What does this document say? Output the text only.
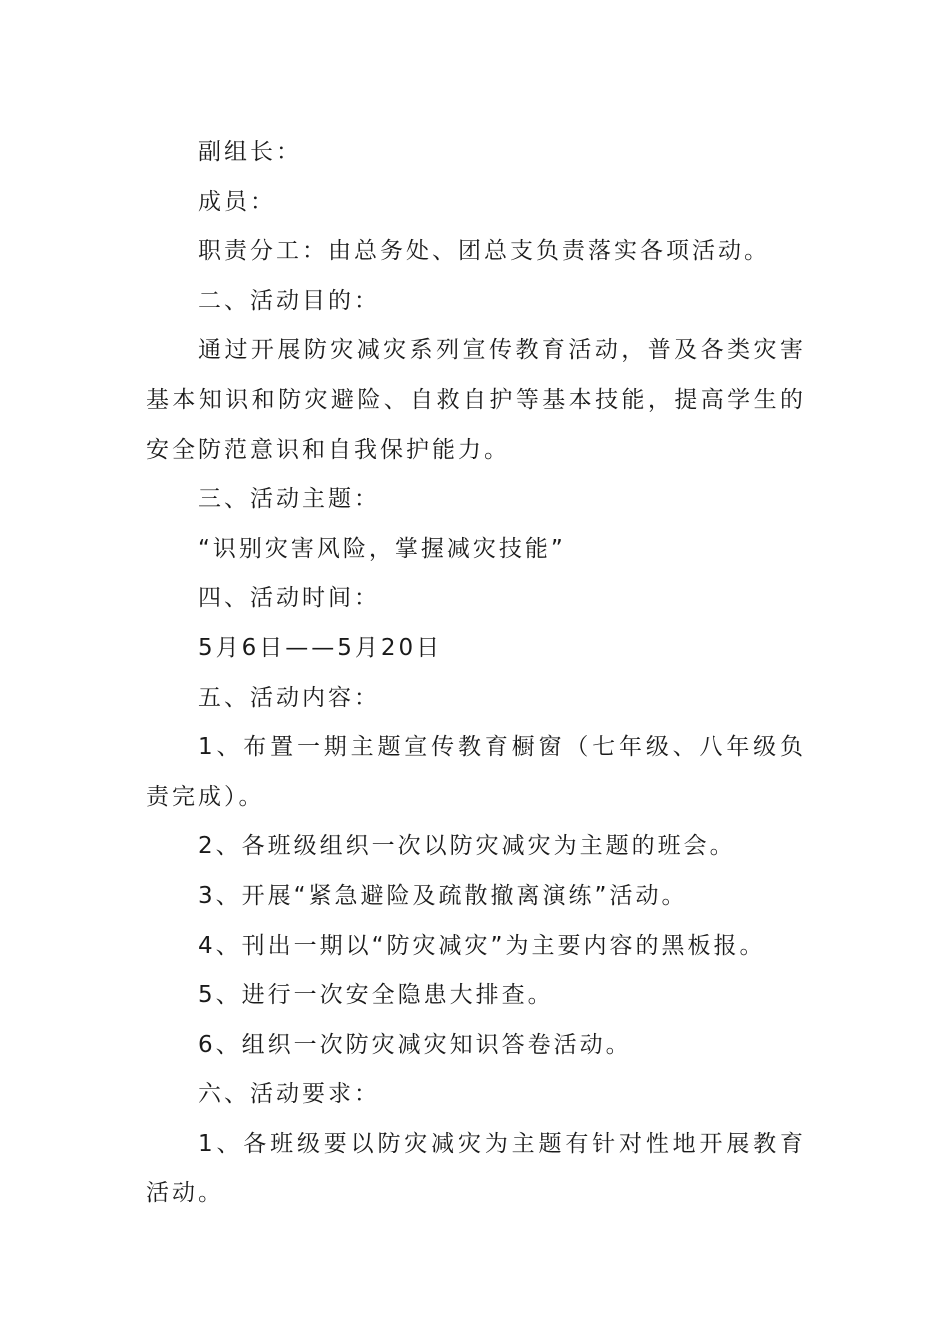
副组长：

成员：

职责分工：由总务处、团总支负责落实各项活动。

二、活动目的：

通过开展防灾减灾系列宣传教育活动，普及各类灾害基本知识和防灾避险、自救自护等基本技能，提高学生的安全防范意识和自我保护能力。

三、活动主题：

“识别灾害风险，掌握减灾技能”

四、活动时间：

5月6日——5月20日

五、活动内容：

1、布置一期主题宣传教育橱窗（七年级、八年级负责完成）。

2、各班级组织一次以防灾减灾为主题的班会。

3、开展“紧急避险及疏散撤离演练”活动。

4、刊出一期以“防灾减灾”为主要内容的黑板报。

5、进行一次安全隐患大排查。

6、组织一次防灾减灾知识答卷活动。

六、活动要求：

1、各班级要以防灾减灾为主题有针对性地开展教育活动。
